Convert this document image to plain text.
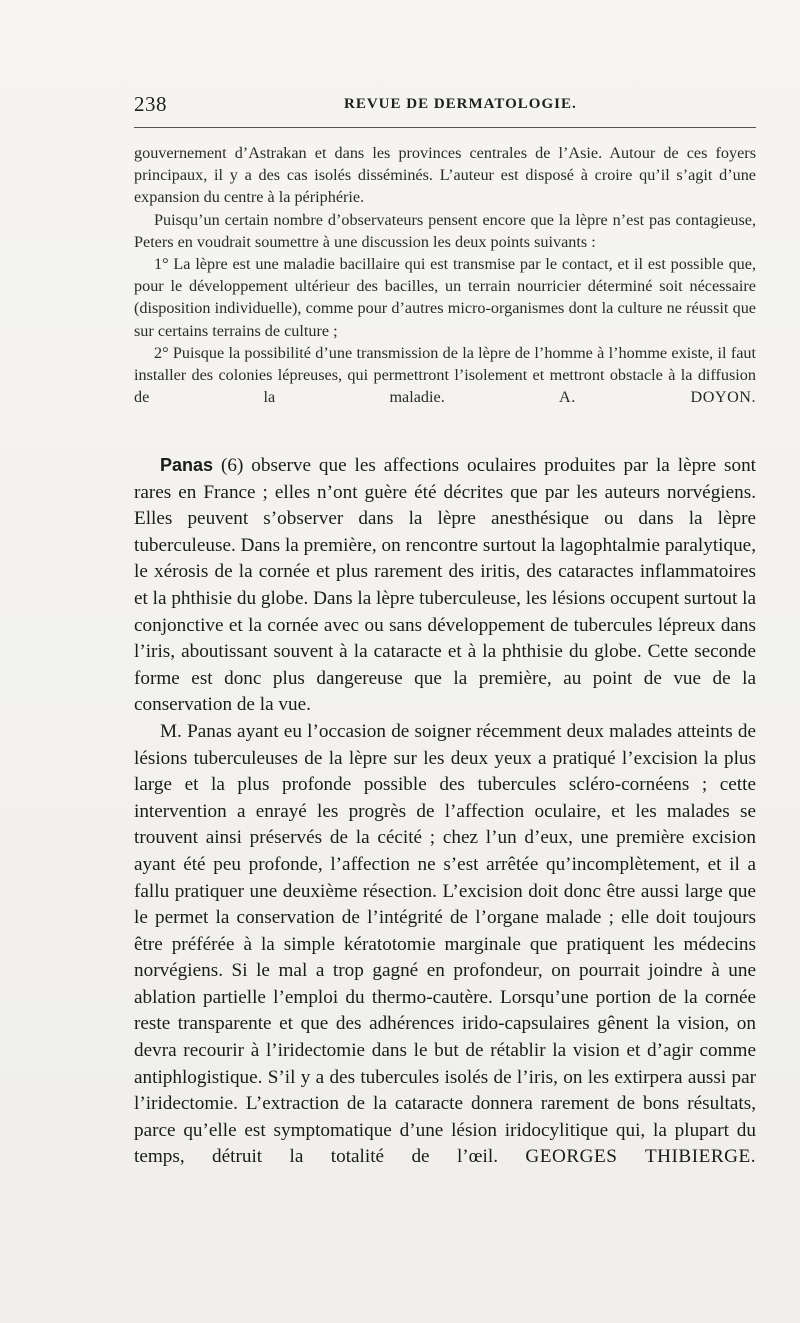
238	REVUE DE DERMATOLOGIE.

gouvernement d’Astrakan et dans les provinces centrales de l’Asie. Autour de ces foyers principaux, il y a des cas isolés disséminés. L’auteur est disposé à croire qu’il s’agit d’une expansion du centre à la périphérie.

Puisqu’un certain nombre d’observateurs pensent encore que la lèpre n’est pas contagieuse, Peters en voudrait soumettre à une discussion les deux points suivants :

1° La lèpre est une maladie bacillaire qui est transmise par le contact, et il est possible que, pour le développement ultérieur des bacilles, un terrain nourricier déterminé soit nécessaire (disposition individuelle), comme pour d’autres micro-organismes dont la culture ne réussit que sur certains terrains de culture ;

2° Puisque la possibilité d’une transmission de la lèpre de l’homme à l’homme existe, il faut installer des colonies lépreuses, qui permettront l’isolement et mettront obstacle à la diffusion de la maladie.	A. DOYON.

Panas (6) observe que les affections oculaires produites par la lèpre sont rares en France ; elles n’ont guère été décrites que par les auteurs norvégiens. Elles peuvent s’observer dans la lèpre anesthésique ou dans la lèpre tuberculeuse. Dans la première, on rencontre surtout la lagophtalmie paralytique, le xérosis de la cornée et plus rarement des iritis, des cataractes inflammatoires et la phthisie du globe. Dans la lèpre tuberculeuse, les lésions occupent surtout la conjonctive et la cornée avec ou sans développement de tubercules lépreux dans l’iris, aboutissant souvent à la cataracte et à la phthisie du globe. Cette seconde forme est donc plus dangereuse que la première, au point de vue de la conservation de la vue.

M. Panas ayant eu l’occasion de soigner récemment deux malades atteints de lésions tuberculeuses de la lèpre sur les deux yeux a pratiqué l’excision la plus large et la plus profonde possible des tubercules scléro-cornéens ; cette intervention a enrayé les progrès de l’affection oculaire, et les malades se trouvent ainsi préservés de la cécité ; chez l’un d’eux, une première excision ayant été peu profonde, l’affection ne s’est arrêtée qu’incomplètement, et il a fallu pratiquer une deuxième résection. L’excision doit donc être aussi large que le permet la conservation de l’intégrité de l’organe malade ; elle doit toujours être préférée à la simple kératotomie marginale que pratiquent les médecins norvégiens. Si le mal a trop gagné en profondeur, on pourrait joindre à une ablation partielle l’emploi du thermo-cautère. Lorsqu’une portion de la cornée reste transparente et que des adhérences irido-capsulaires gênent la vision, on devra recourir à l’iridectomie dans le but de rétablir la vision et d’agir comme antiphlogistique. S’il y a des tubercules isolés de l’iris, on les extirpera aussi par l’iridectomie. L’extraction de la cataracte donnera rarement de bons résultats, parce qu’elle est symptomatique d’une lésion iridocylitique qui, la plupart du temps, détruit la totalité de l’œil. GEORGES THIBIERGE.
